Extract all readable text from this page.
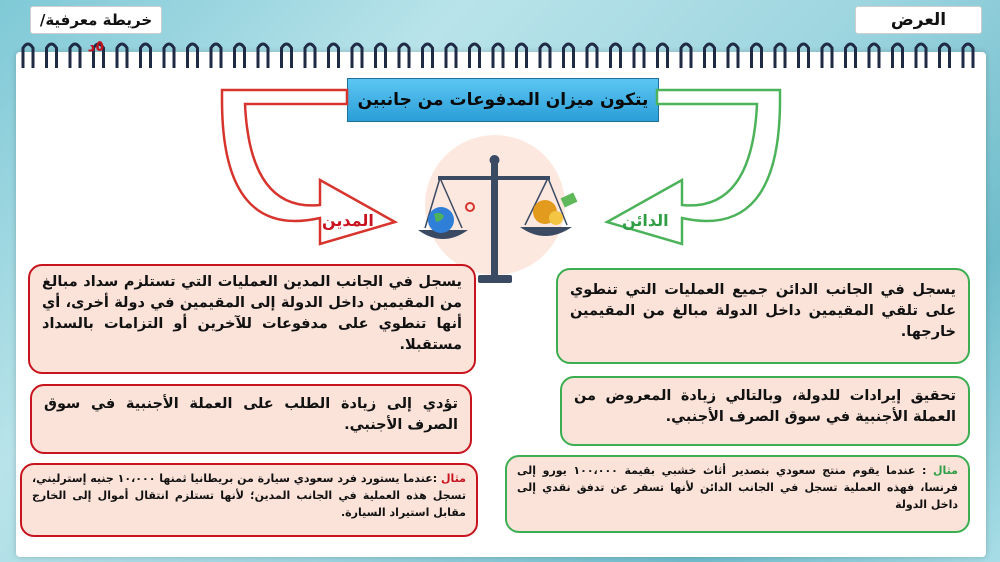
خريطة معرفية/ ٥د
العرض
يتكون ميزان المدفوعات من جانبين
المدين	الدائن
يسجل في الجانب المدين العمليات التي تستلزم سداد مبالغ من المقيمين داخل الدولة إلى المقيمين في دولة أخرى، أي أنها تنطوي على مدفوعات للآخرين أو التزامات بالسداد مستقبلا.
تؤدي إلى زيادة الطلب على العملة الأجنبية في سوق الصرف الأجنبي.
مثال :عندما يستورد فرد سعودي سيارة من بريطانيا ثمنها ١٠،٠٠٠ جنيه إسترليني، تسجل هذه العملية في الجانب المدين؛ لأنها تستلزم انتقال أموال إلى الخارج مقابل استيراد السيارة.
يسجل في الجانب الدائن جميع العمليات التي تنطوي على تلقي المقيمين داخل الدولة مبالغ من المقيمين خارجها.
تحقيق إيرادات للدولة، وبالتالي زيادة المعروض من العملة الأجنبية في سوق الصرف الأجنبي.
مثال : عندما يقوم منتج سعودي بتصدير أثاث خشبي بقيمة ١٠٠،٠٠٠ يورو إلى فرنسا، فهذه العملية تسجل في الجانب الدائن لأنها تسفر عن تدفق نقدي إلى داخل الدولة
